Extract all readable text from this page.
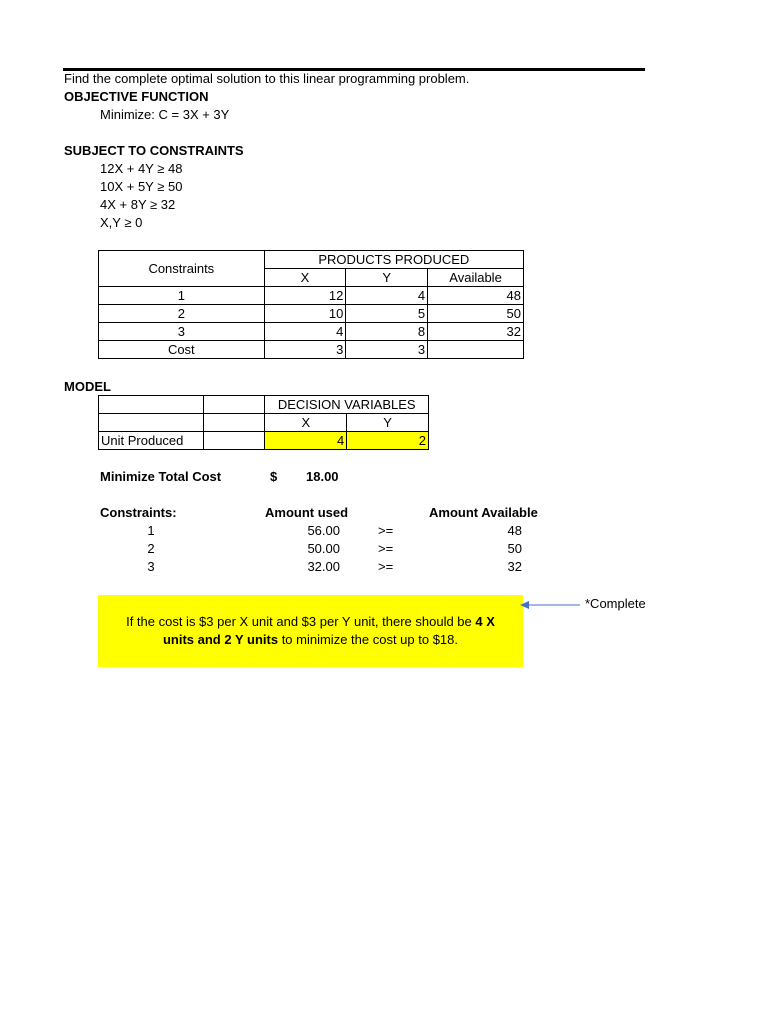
Find the complete optimal solution to this linear programming problem.
OBJECTIVE FUNCTION
Minimize: C = 3X + 3Y
SUBJECT TO CONSTRAINTS
12X + 4Y ≥ 48
10X + 5Y ≥ 50
4X + 8Y ≥ 32
X,Y ≥ 0
Constraints	PRODUCTS PRODUCED		
	X	Y	Available
1	12	4	48
2	10	5	50
3	4	8	32
Cost	3	3	
MODEL
		DECISION VARIABLES	
		X	Y
Unit Produced		4	2
Minimize Total Cost	$ 18.00
Constraints:	Amount used	Amount Available
1	56.00	>=	48
2	50.00	>=	50
3	32.00	>=	32

If the cost is $3 per X unit and $3 per Y unit, there should be 4 X units and 2 Y units to minimize the cost up to $18.

*Complete
